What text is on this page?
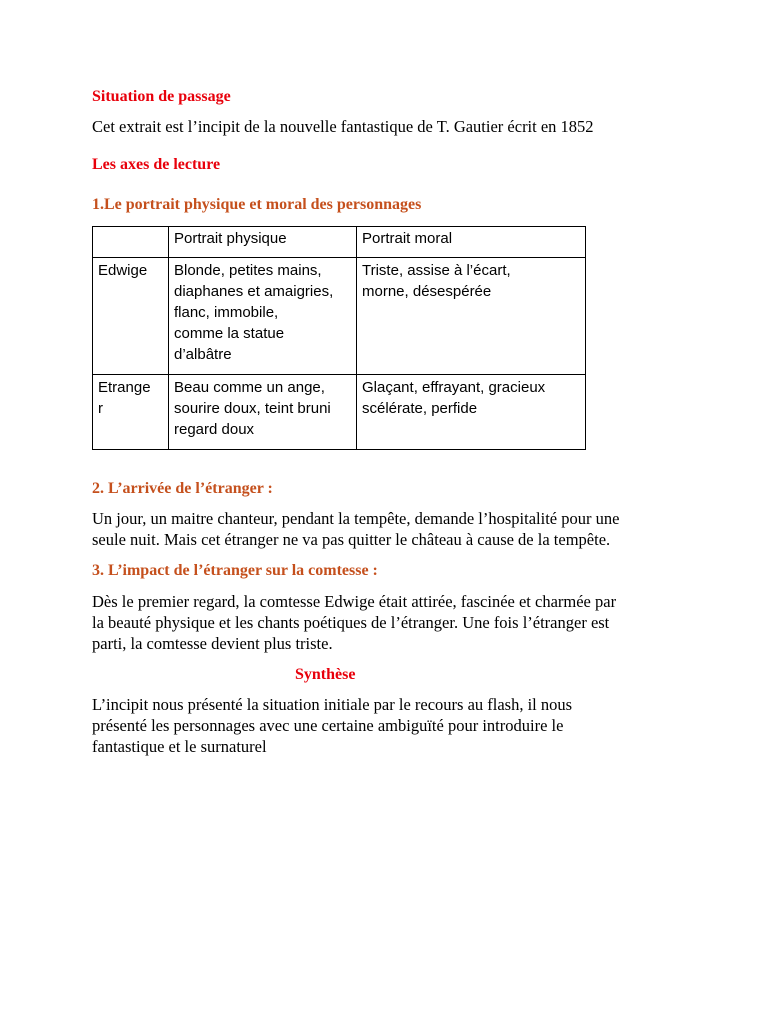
Situation de passage

Cet extrait est l’incipit de la nouvelle fantastique de T. Gautier écrit en 1852

Les axes de lecture
1.Le portrait physique et moral des personnages
	Portrait physique	Portrait moral

Edwige	Blonde, petites mains,
diaphanes et amaigries,
flanc, immobile,
comme la statue
d’albâtre	Triste, assise à l’écart,
morne, désespérée

Etrange
r	Beau comme un ange,
sourire doux, teint bruni
regard doux	Glaçant, effrayant, gracieux
scélérate, perfide
2. L’arrivée de l’étranger :

Un jour, un maitre chanteur, pendant la tempête, demande l’hospitalité pour une
seule nuit. Mais cet étranger ne va pas quitter le château à cause de la tempête.

3. L’impact de l’étranger sur la comtesse :

Dès le premier regard, la comtesse Edwige était attirée, fascinée et charmée par
la beauté physique et les chants poétiques de l’étranger. Une fois l’étranger est
parti, la comtesse devient plus triste.

Synthèse

L’incipit nous présenté la situation initiale par le recours au flash, il nous
présenté les personnages avec une certaine ambiguïté pour introduire le
fantastique et le surnaturel
